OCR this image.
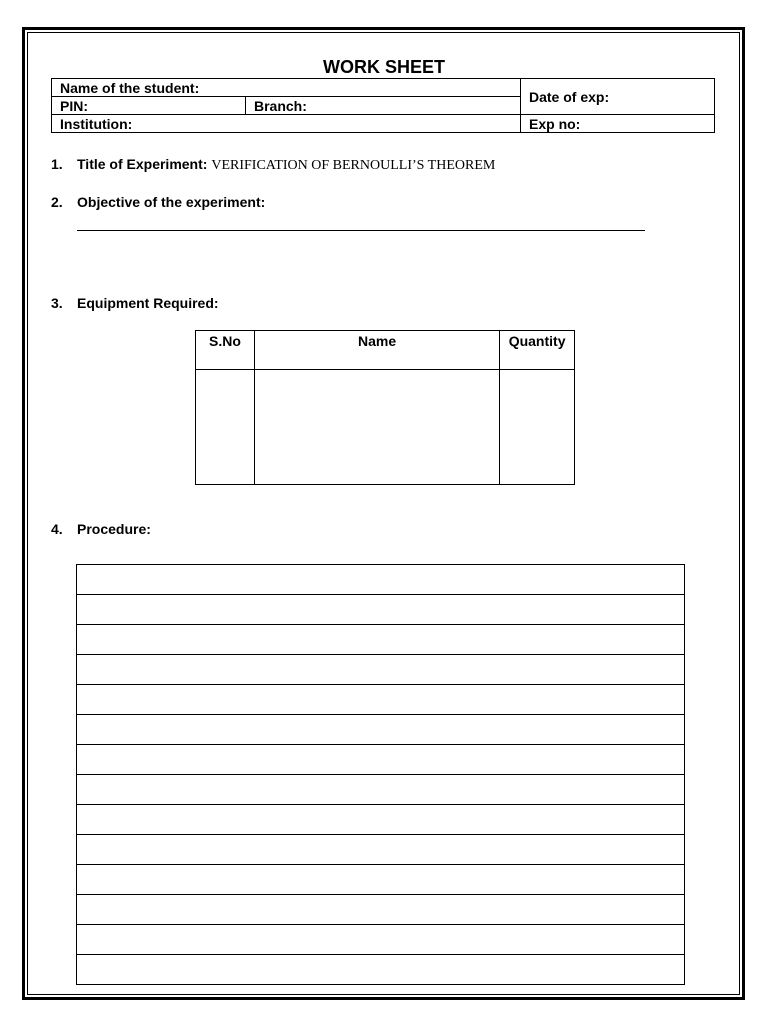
WORK SHEET
Name of the student:		Date of exp:
PIN:	Branch:	
Institution:		Exp no:
1. Title of Experiment: VERIFICATION OF BERNOULLI’S THEOREM
2. Objective of the experiment:
3. Equipment Required:
S.No	Name	Quantity

4. Procedure:
